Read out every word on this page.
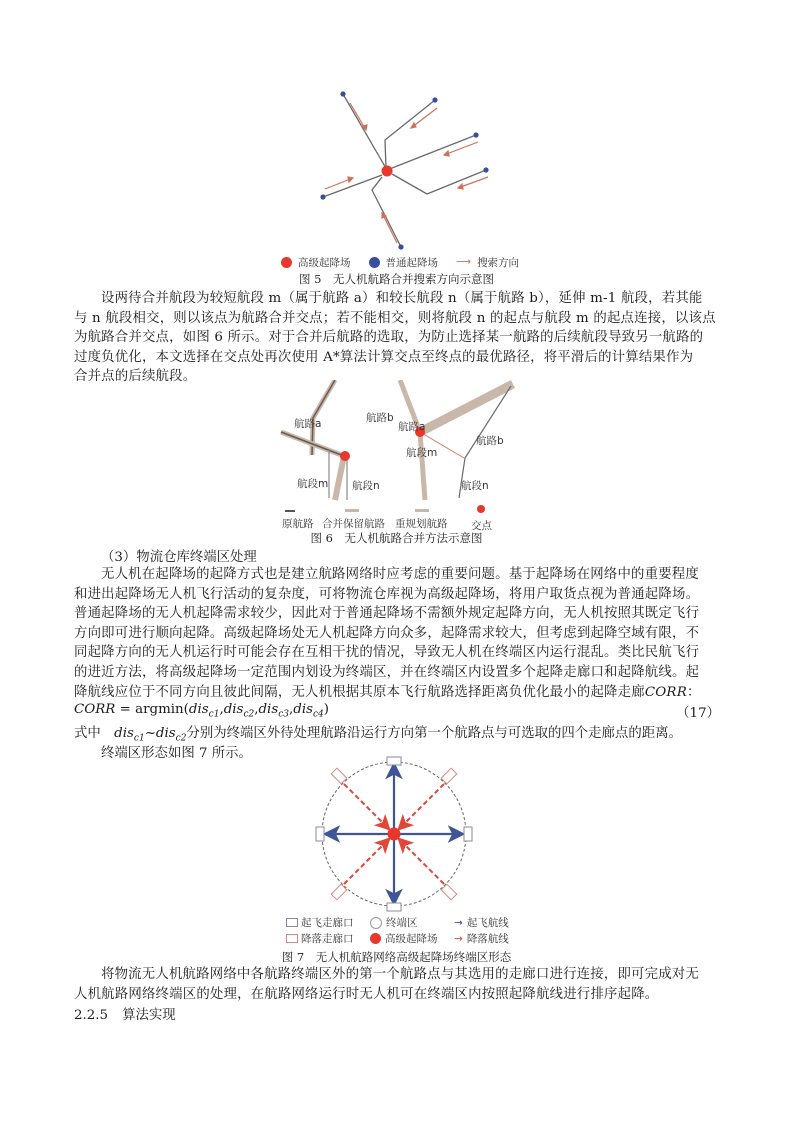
高级起降场	普通起降场 ⟶ 搜索方向
图 5　无人机航路合并搜索方向示意图
设两待合并航段为较短航段 m（属于航路 a）和较长航段 n（属于航路 b），延伸 m-1 航段，若其能
与 n 航段相交，则以该点为航路合并交点；若不能相交，则将航段 n 的起点与航段 m 的起点连接，以该点
为航路合并交点，如图 6 所示。对于合并后航路的选取，为防止选择某一航路的后续航段导致另一航路的
过度负优化，本文选择在交点处再次使用 A*算法计算交点至终点的最优路径，将平滑后的计算结果作为
合并点的后续航段。
航路a	航路b
航段m 航段n
航路a
航路b
航段m
航段n
原航路 合并保留航路 重规划航路 交点
图 6　无人机航路合并方法示意图
（3）物流仓库终端区处理
无人机在起降场的起降方式也是建立航路网络时应考虑的重要问题。基于起降场在网络中的重要程度
和进出起降场无人机飞行活动的复杂度，可将物流仓库视为高级起降场，将用户取货点视为普通起降场。
普通起降场的无人机起降需求较少，因此对于普通起降场不需额外规定起降方向，无人机按照其既定飞行
方向即可进行顺向起降。高级起降场处无人机起降方向众多，起降需求较大，但考虑到起降空域有限，不
同起降方向的无人机运行时可能会存在互相干扰的情况，导致无人机在终端区内运行混乱。类比民航飞行
的进近方法，将高级起降场一定范围内划设为终端区，并在终端区内设置多个起降走廊口和起降航线。起
降航线应位于不同方向且彼此间隔，无人机根据其原本飞行航路选择距离负优化最小的起降走廊CORR：
CORR = argmin(dis$_{c1}$,dis$_{c2}$,dis$_{c3}$,dis$_{c4}$)	（17）
式中　dis$_{c1}$~dis$_{c2}$分别为终端区外待处理航路沿运行方向第一个航路点与可选取的四个走廊点的距离。
终端区形态如图 7 所示。
起飞走廊口
降落走廊口
终端区
高级起降场
→ 起飞航线
→ 降落航线
图 7　无人机航路网络高级起降场终端区形态
将物流无人机航路网络中各航路终端区外的第一个航路点与其选用的走廊口进行连接，即可完成对无
人机航路网络终端区的处理，在航路网络运行时无人机可在终端区内按照起降航线进行排序起降。
2.2.5 算法实现
